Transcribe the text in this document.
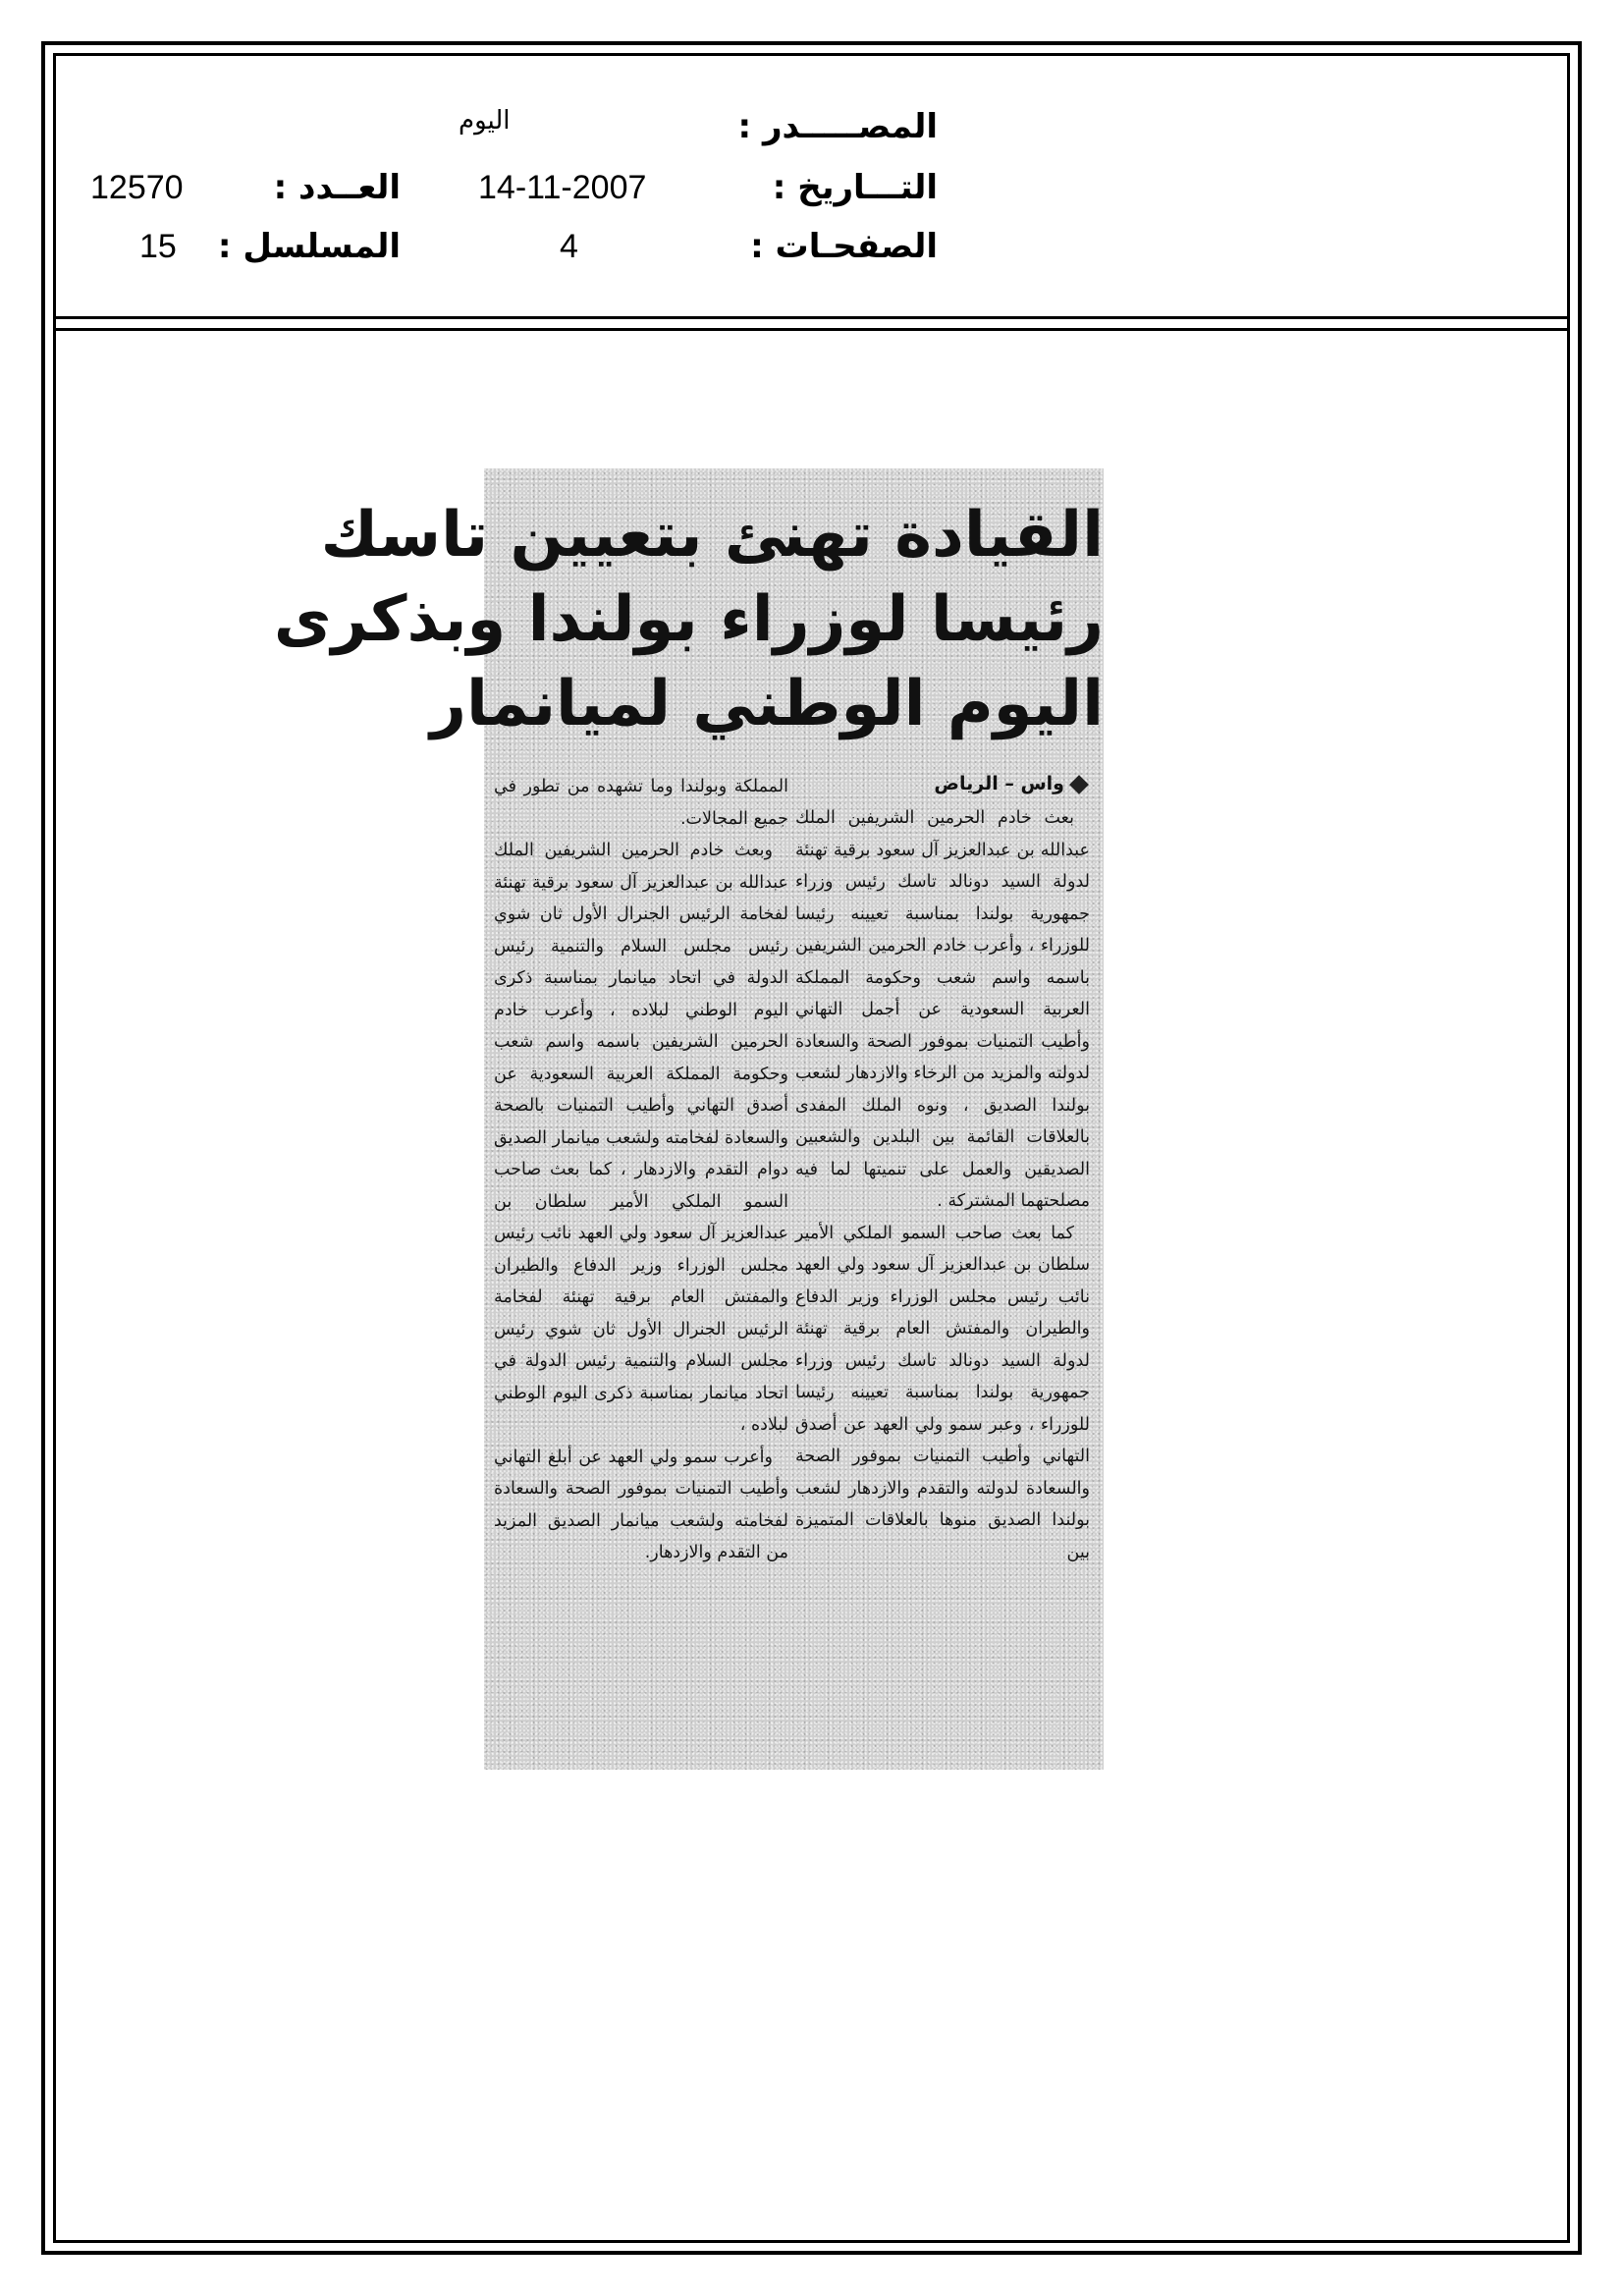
المصـــــدر :
اليوم
التـــاريخ :
14-11-2007
العــدد :
12570
الصفحـات :
4
المسلسل :
15
القيادة تهنئ بتعيين تاسك
رئيسا لوزراء بولندا وبذكرى
اليوم الوطني لميانمار
واس – الرياض

بعث خادم الحرمين الشريفين الملك عبدالله بن عبدالعزيز آل سعود برقية تهنئة لدولة السيد دونالد تاسك رئيس وزراء جمهورية بولندا بمناسبة تعيينه رئيسا للوزراء ، وأعرب خادم الحرمين الشريفين باسمه واسم شعب وحكومة المملكة العربية السعودية عن أجمل التهاني وأطيب التمنيات بموفور الصحة والسعادة لدولته والمزيد من الرخاء والازدهار لشعب بولندا الصديق ، ونوه الملك المفدى بالعلاقات القائمة بين البلدين والشعبين الصديقين والعمل على تنميتها لما فيه مصلحتهما المشتركة .

كما بعث صاحب السمو الملكي الأمير سلطان بن عبدالعزيز آل سعود ولي العهد نائب رئيس مجلس الوزراء وزير الدفاع والطيران والمفتش العام برقية تهنئة لدولة السيد دونالد تاسك رئيس وزراء جمهورية بولندا بمناسبة تعيينه رئيسا للوزراء ، وعبر سمو ولي العهد عن أصدق التهاني وأطيب التمنيات بموفور الصحة والسعادة لدولته والتقدم والازدهار لشعب بولندا الصديق منوها بالعلاقات المتميزة بين

المملكة وبولندا وما تشهده من تطور في جميع المجالات.

وبعث خادم الحرمين الشريفين الملك عبدالله بن عبدالعزيز آل سعود برقية تهنئة لفخامة الرئيس الجنرال الأول ثان شوي رئيس مجلس السلام والتنمية رئيس الدولة في اتحاد ميانمار بمناسبة ذكرى اليوم الوطني لبلاده ، وأعرب خادم الحرمين الشريفين باسمه واسم شعب وحكومة المملكة العربية السعودية عن أصدق التهاني وأطيب التمنيات بالصحة والسعادة لفخامته ولشعب ميانمار الصديق دوام التقدم والازدهار ، كما بعث صاحب السمو الملكي الأمير سلطان بن عبدالعزيز آل سعود ولي العهد نائب رئيس مجلس الوزراء وزير الدفاع والطيران والمفتش العام برقية تهنئة لفخامة الرئيس الجنرال الأول ثان شوي رئيس مجلس السلام والتنمية رئيس الدولة في اتحاد ميانمار بمناسبة ذكرى اليوم الوطني لبلاده ،

وأعرب سمو ولي العهد عن أبلغ التهاني وأطيب التمنيات بموفور الصحة والسعادة لفخامته ولشعب ميانمار الصديق المزيد من التقدم والازدهار.
